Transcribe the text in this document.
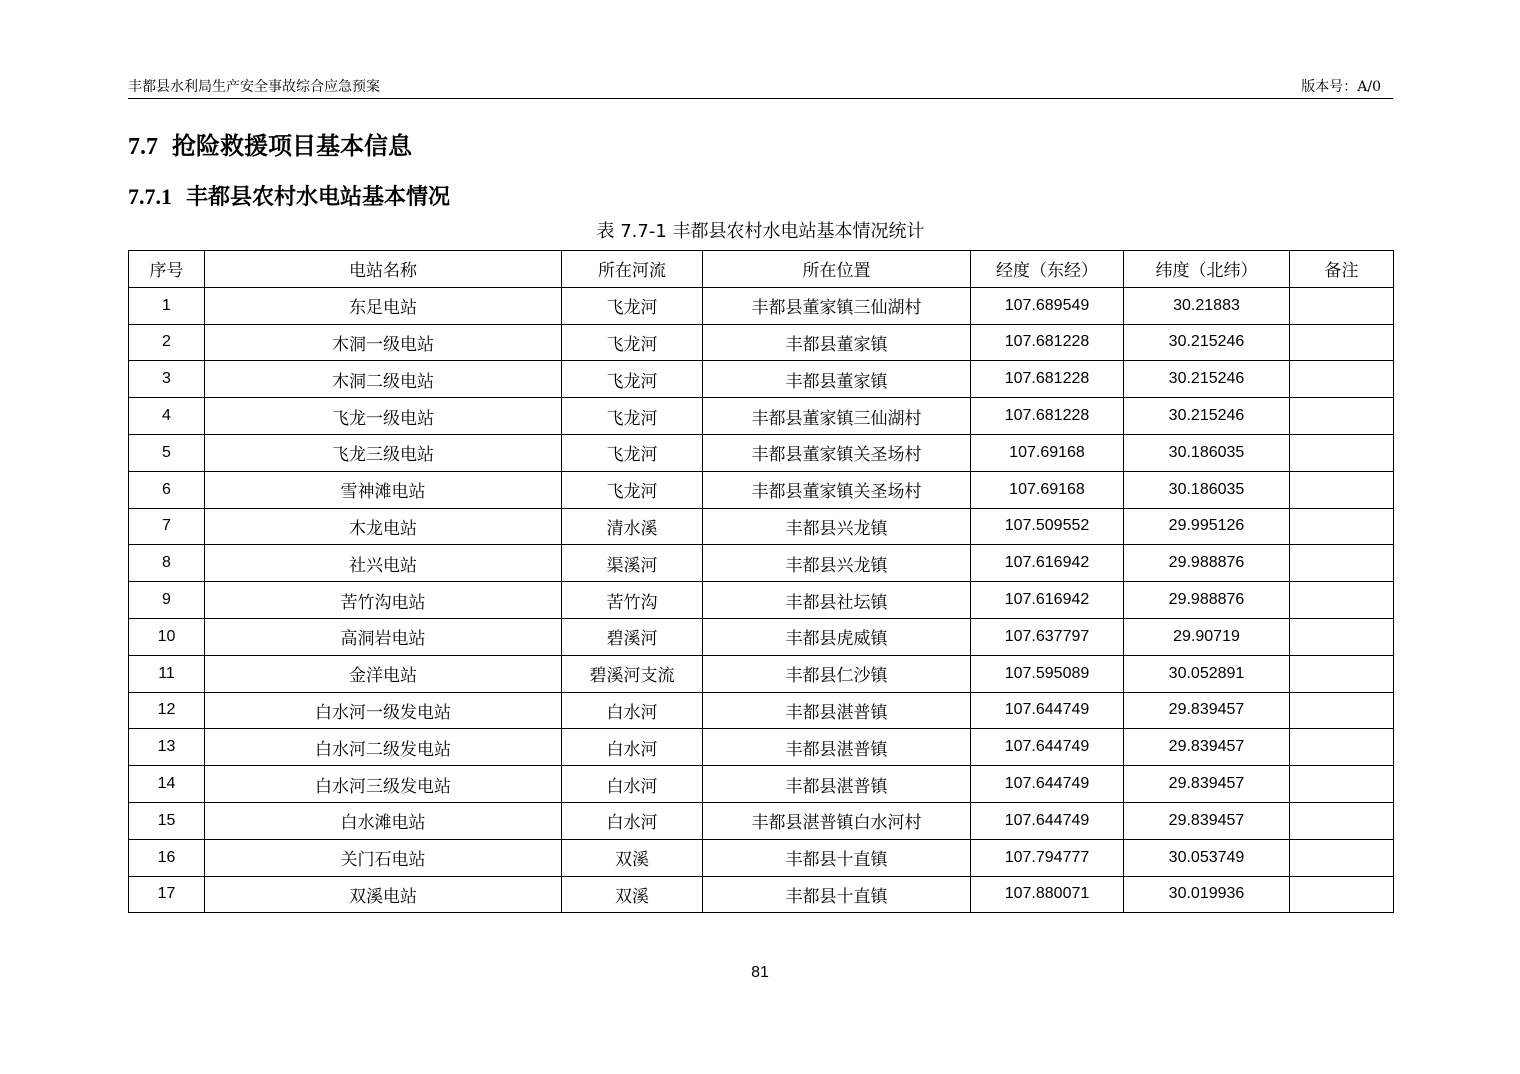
丰都县水利局生产安全事故综合应急预案	版本号：A/0
7.7 抢险救援项目基本信息
7.7.1 丰都县农村水电站基本情况
表 7.7-1 丰都县农村水电站基本情况统计
序号	电站名称	所在河流	所在位置	经度（东经）	纬度（北纬）	备注
1	东足电站	飞龙河	丰都县董家镇三仙湖村	107.689549	30.21883	
2	木洞一级电站	飞龙河	丰都县董家镇	107.681228	30.215246	
3	木洞二级电站	飞龙河	丰都县董家镇	107.681228	30.215246	
4	飞龙一级电站	飞龙河	丰都县董家镇三仙湖村	107.681228	30.215246	
5	飞龙三级电站	飞龙河	丰都县董家镇关圣场村	107.69168	30.186035	
6	雪神滩电站	飞龙河	丰都县董家镇关圣场村	107.69168	30.186035	
7	木龙电站	清水溪	丰都县兴龙镇	107.509552	29.995126	
8	社兴电站	渠溪河	丰都县兴龙镇	107.616942	29.988876	
9	苦竹沟电站	苦竹沟	丰都县社坛镇	107.616942	29.988876	
10	高洞岩电站	碧溪河	丰都县虎威镇	107.637797	29.90719	
11	金洋电站	碧溪河支流	丰都县仁沙镇	107.595089	30.052891	
12	白水河一级发电站	白水河	丰都县湛普镇	107.644749	29.839457	
13	白水河二级发电站	白水河	丰都县湛普镇	107.644749	29.839457	
14	白水河三级发电站	白水河	丰都县湛普镇	107.644749	29.839457	
15	白水滩电站	白水河	丰都县湛普镇白水河村	107.644749	29.839457	
16	关门石电站	双溪	丰都县十直镇	107.794777	30.053749	
17	双溪电站	双溪	丰都县十直镇	107.880071	30.019936	
81
